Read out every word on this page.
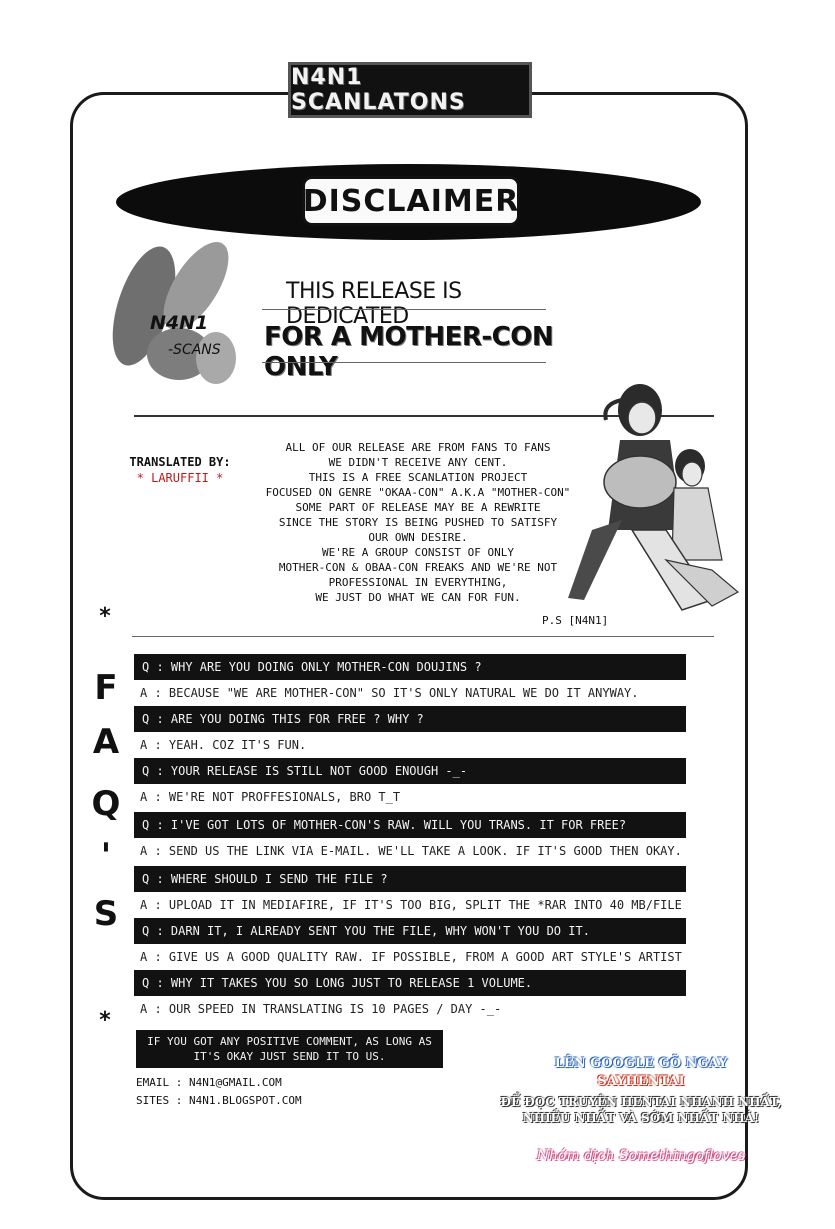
N4N1 SCANLATONS
DISCLAIMER
N4N1
-SCANS
THIS RELEASE IS DEDICATED
FOR A MOTHER-CON ONLY
TRANSLATED BY:
* LARUFFII *
ALL OF OUR RELEASE ARE FROM FANS TO FANS
WE DIDN'T RECEIVE ANY CENT.
THIS IS A FREE SCANLATION PROJECT
FOCUSED ON GENRE "OKAA-CON" A.K.A "MOTHER-CON"
SOME PART OF RELEASE MAY BE A REWRITE
SINCE THE STORY IS BEING PUSHED TO SATISFY
OUR OWN DESIRE.
WE'RE A GROUP CONSIST OF ONLY
MOTHER-CON & OBAA-CON FREAKS AND WE'RE NOT
PROFESSIONAL IN EVERYTHING,
WE JUST DO WHAT WE CAN FOR FUN.
P.S [N4N1]
*
F
A
Q
'
S
*
Q : WHY ARE YOU DOING ONLY MOTHER-CON DOUJINS ?
A : BECAUSE "WE ARE MOTHER-CON" SO IT'S ONLY NATURAL WE DO IT ANYWAY.
Q : ARE YOU DOING THIS FOR FREE ? WHY ?
A : YEAH. COZ IT'S FUN.
Q : YOUR RELEASE IS STILL NOT GOOD ENOUGH -_-
A : WE'RE NOT PROFFESIONALS, BRO T_T
Q : I'VE GOT LOTS OF MOTHER-CON'S RAW. WILL YOU TRANS. IT FOR FREE?
A : SEND US THE LINK VIA E-MAIL. WE'LL TAKE A LOOK. IF IT'S GOOD THEN OKAY.
Q : WHERE SHOULD I SEND THE FILE ?
A : UPLOAD IT IN MEDIAFIRE, IF IT'S TOO BIG, SPLIT THE *RAR INTO 40 MB/FILE
Q : DARN IT, I ALREADY SENT YOU THE FILE, WHY WON'T YOU DO IT.
A : GIVE US A GOOD QUALITY RAW. IF POSSIBLE, FROM A GOOD ART STYLE'S ARTIST
Q : WHY IT TAKES YOU SO LONG JUST TO RELEASE 1 VOLUME.
A : OUR SPEED IN TRANSLATING IS 10 PAGES / DAY -_-
IF YOU GOT ANY POSITIVE COMMENT, AS LONG AS
IT'S OKAY JUST SEND IT TO US.
EMAIL : N4N1@GMAIL.COM
SITES : N4N1.BLOGSPOT.COM
LÊN GOOGLE GÕ NGAY
SAYHENTAI
ĐỂ ĐỌC TRUYỆN HENTAI NHANH NHẤT, NHIỀU NHẤT VÀ SỚM NHẤT NHÁ!
Nhóm dịch Somethingofloves
